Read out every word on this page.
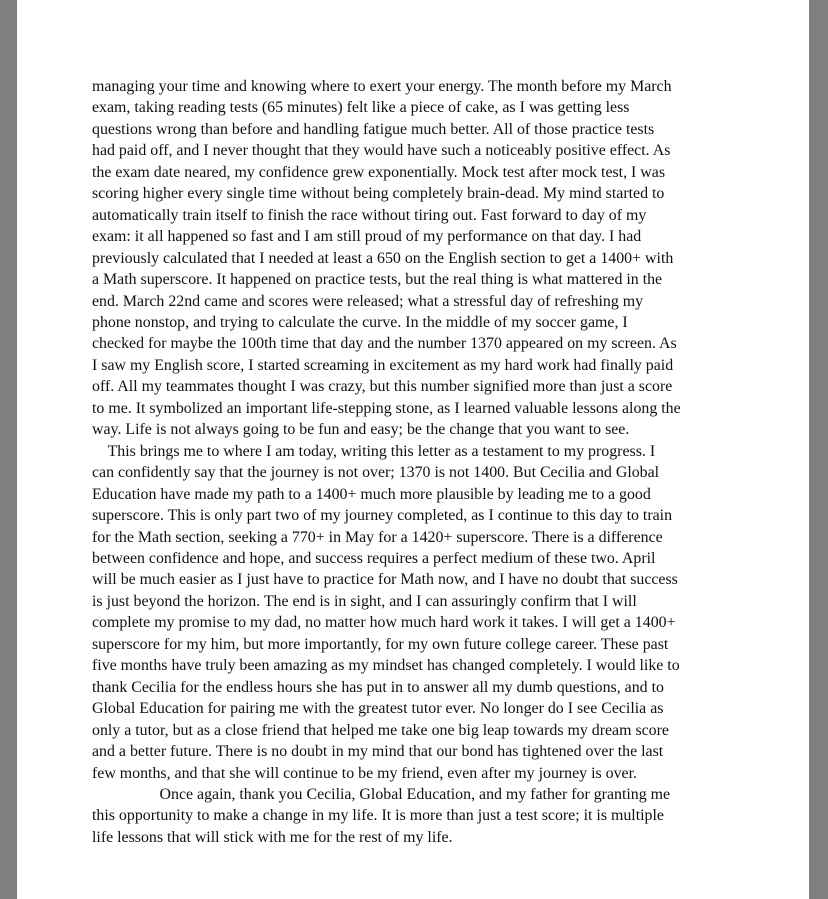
managing your time and knowing where to exert your energy. The month before my March
exam, taking reading tests (65 minutes) felt like a piece of cake, as I was getting less
questions wrong than before and handling fatigue much better. All of those practice tests
had paid off, and I never thought that they would have such a noticeably positive effect. As
the exam date neared, my confidence grew exponentially. Mock test after mock test, I was
scoring higher every single time without being completely brain-dead. My mind started to
automatically train itself to finish the race without tiring out. Fast forward to day of my
exam: it all happened so fast and I am still proud of my performance on that day. I had
previously calculated that I needed at least a 650 on the English section to get a 1400+ with
a Math superscore. It happened on practice tests, but the real thing is what mattered in the
end. March 22nd came and scores were released; what a stressful day of refreshing my
phone nonstop, and trying to calculate the curve. In the middle of my soccer game, I
checked for maybe the 100th time that day and the number 1370 appeared on my screen. As
I saw my English score, I started screaming in excitement as my hard work had finally paid
off. All my teammates thought I was crazy, but this number signified more than just a score
to me. It symbolized an important life-stepping stone, as I learned valuable lessons along the
way. Life is not always going to be fun and easy; be the change that you want to see.
This brings me to where I am today, writing this letter as a testament to my progress. I
can confidently say that the journey is not over; 1370 is not 1400. But Cecilia and Global
Education have made my path to a 1400+ much more plausible by leading me to a good
superscore. This is only part two of my journey completed, as I continue to this day to train
for the Math section, seeking a 770+ in May for a 1420+ superscore. There is a difference
between confidence and hope, and success requires a perfect medium of these two. April
will be much easier as I just have to practice for Math now, and I have no doubt that success
is just beyond the horizon. The end is in sight, and I can assuringly confirm that I will
complete my promise to my dad, no matter how much hard work it takes. I will get a 1400+
superscore for my him, but more importantly, for my own future college career. These past
five months have truly been amazing as my mindset has changed completely. I would like to
thank Cecilia for the endless hours she has put in to answer all my dumb questions, and to
Global Education for pairing me with the greatest tutor ever. No longer do I see Cecilia as
only a tutor, but as a close friend that helped me take one big leap towards my dream score
and a better future. There is no doubt in my mind that our bond has tightened over the last
few months, and that she will continue to be my friend, even after my journey is over.
Once again, thank you Cecilia, Global Education, and my father for granting me
this opportunity to make a change in my life. It is more than just a test score; it is multiple
life lessons that will stick with me for the rest of my life.
